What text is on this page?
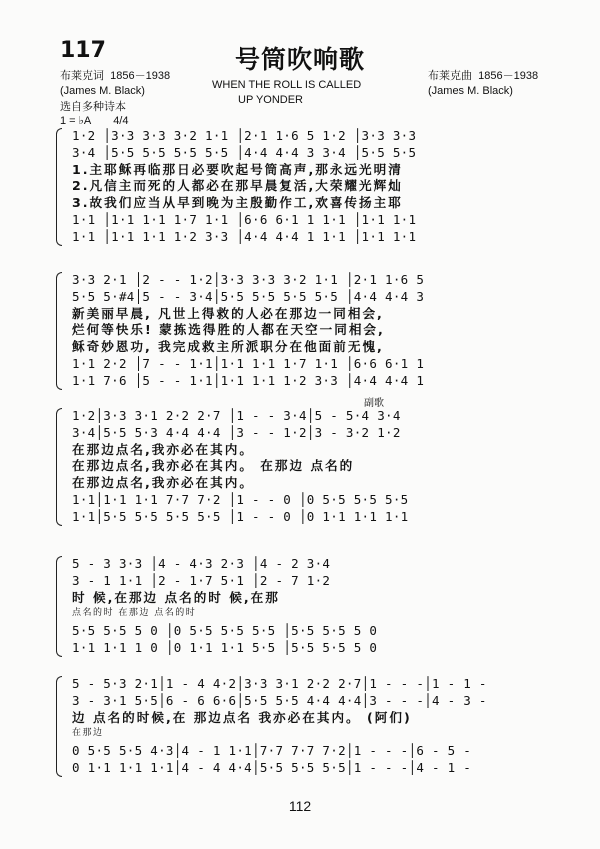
117	号筒吹响歌
WHEN THE ROLL IS CALLED
UP YONDER
布莱克词 1856－1938
(James M. Black)
布莱克曲 1856－1938
(James M. Black)
选自多种诗本
1 = ♭A 4/4
1·2 │3·3 3·3 3·2 1·1 │2·1 1·6 5 1·2 │3·3 3·3
3·4 │5·5 5·5 5·5 5·5 │4·4 4·4 3 3·4 │5·5 5·5
1.主耶稣再临那日必要吹起号筒高声,那永远光明清
2.凡信主而死的人都必在那早晨复活,大荣耀光辉灿
3.故我们应当从早到晚为主殷勤作工,欢喜传扬主耶
1·1 │1·1 1·1 1·7 1·1 │6·6 6·1 1 1·1 │1·1 1·1
1·1 │1·1 1·1 1·2 3·3 │4·4 4·4 1 1·1 │1·1 1·1
3·3 2·1 │2 - - 1·2│3·3 3·3 3·2 1·1 │2·1 1·6 5
5·5 5·#4│5 - - 3·4│5·5 5·5 5·5 5·5 │4·4 4·4 3
新美丽早晨, 凡世上得救的人必在那边一同相会,
烂何等快乐! 蒙拣选得胜的人都在天空一同相会,
稣奇妙恩功, 我完成救主所派职分在他面前无愧,
1·1 2·2 │7 - - 1·1│1·1 1·1 1·7 1·1 │6·6 6·1 1
1·1 7·6 │5 - - 1·1│1·1 1·1 1·2 3·3 │4·4 4·4 1
副歌
1·2│3·3 3·1 2·2 2·7 │1 - - 3·4│5 - 5·4 3·4
3·4│5·5 5·3 4·4 4·4 │3 - - 1·2│3 - 3·2 1·2
在那边点名,我亦必在其内。
在那边点名,我亦必在其内。 在那边 点名的
在那边点名,我亦必在其内。
1·1│1·1 1·1 7·7 7·2 │1 - - 0 │0 5·5 5·5 5·5
1·1│5·5 5·5 5·5 5·5 │1 - - 0 │0 1·1 1·1 1·1
5 - 3 3·3 │4 - 4·3 2·3 │4 - 2 3·4
3 - 1 1·1 │2 - 1·7 5·1 │2 - 7 1·2
时 候,在那边 点名的时 候,在那
点名的时 在那边 点名的时
5·5 5·5 5 0 │0 5·5 5·5 5·5 │5·5 5·5 5 0
1·1 1·1 1 0 │0 1·1 1·1 5·5 │5·5 5·5 5 0
5 - 5·3 2·1│1 - 4 4·2│3·3 3·1 2·2 2·7│1 - - -│1 - 1 -
3 - 3·1 5·5│6 - 6 6·6│5·5 5·5 4·4 4·4│3 - - -│4 - 3 -
边 点名的时候,在 那边点名 我亦必在其内。 (阿们)
在那边
0 5·5 5·5 4·3│4 - 1 1·1│7·7 7·7 7·2│1 - - -│6 - 5 -
0 1·1 1·1 1·1│4 - 4 4·4│5·5 5·5 5·5│1 - - -│4 - 1 -
112
